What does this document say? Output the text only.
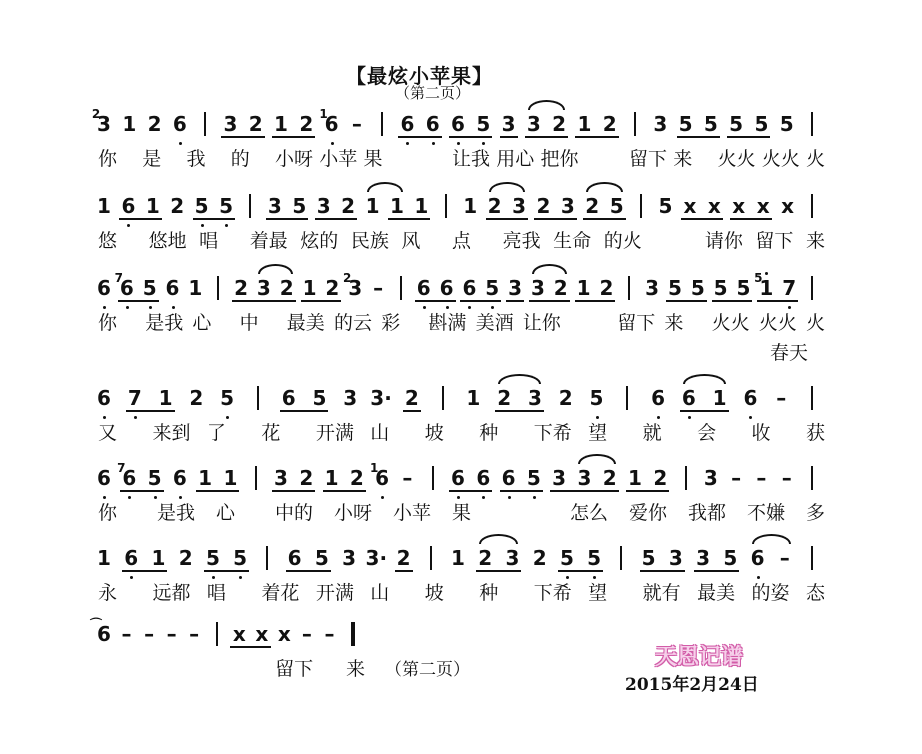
【最炫小苹果】
（第二页）
3
2 1 2 6 3 2 1 2 6
1 – 6 6 6 5 3 3 2 1 2 3 5 5 5 5 5
你 是 我 的 小呀 小苹 果	让我 用心 把你	留下 来 火火 火火 火
1 6 1 2 5 5 3 5 3 2 1 1 1 1 2 3 2 3 2 5 5 x x x x x
悠 悠地 唱 着最 炫的 民族 风 点 亮我 生命 的火	请你 留下 来
6 6
7 5 6 1 2 3 2 1 2 3
2 – 6 6 6 5 3 3 2 1 2 3 5 5 5 5 1
5 7
你 是我 心 中 最美 的云 彩 斟满 美酒 让你	留下 来 火火 火火 火
春天
6 7 1 2 5 6 5 3 3· 2 1 2 3 2 5 6 6 1 6 –
又 来到 了 花 开满 山 坡 种 下希 望 就 会 收 获
6 6
7 5 6 1 1 3 2 1 2 6
1 – 6 6 6 5 3 3 2 1 2 3 – – –
你 是我 心 中的 小呀 小苹 果	怎么 爱你 我都 不嫌 多
1 6 1 2 5 5 6 5 3 3· 2 1 2 3 2 5 5 5 3 3 5 6 –
永 远都 唱 着花 开满 山 坡 种 下希 望 就有 最美 的姿 态
6
⌒ – – – – x x x – –
留下 来 （第二页）	天恩记谱
2015年2月24日
